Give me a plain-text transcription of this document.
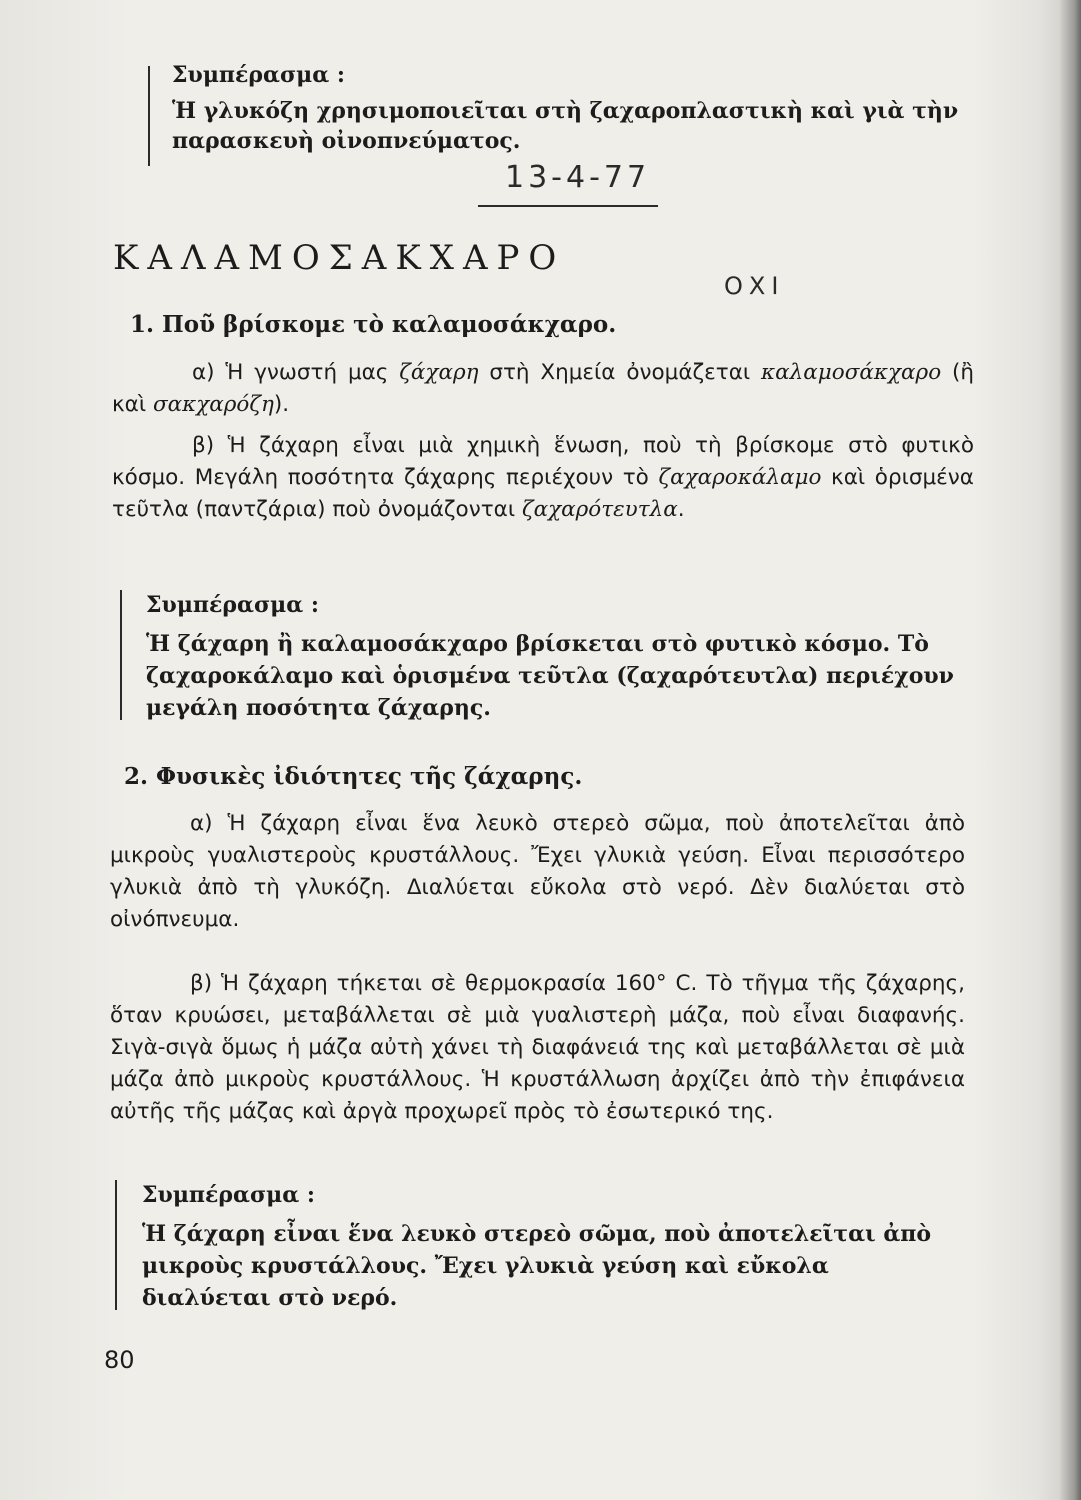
Συμπέρασμα :
Ἡ γλυκόζη χρησιμοποιεῖται στὴ ζαχαροπλαστικὴ καὶ γιὰ τὴν παρασκευὴ οἰνοπνεύματος.
13-4-77
ΚΑΛΑΜΟΣΑΚΧΑΡΟ
ΟΧΙ
1. Ποῦ βρίσκομε τὸ καλαμοσάκχαρο.
α) Ἡ γνωστή μας ζάχαρη στὴ Χημεία ὀνομάζεται καλαμοσάκχαρο (ἢ καὶ σακχαρόζη).
β) Ἡ ζάχαρη εἶναι μιὰ χημικὴ ἕνωση, ποὺ τὴ βρίσκομε στὸ φυτικὸ κόσμο. Μεγάλη ποσότητα ζάχαρης περιέχουν τὸ ζαχαροκάλαμο καὶ ὁρισμένα τεῦτλα (παντζάρια) ποὺ ὀνομάζονται ζαχαρότευτλα.
Συμπέρασμα :
Ἡ ζάχαρη ἢ καλαμοσάκχαρο βρίσκεται στὸ φυτικὸ κόσμο. Τὸ ζαχαροκάλαμο καὶ ὁρισμένα τεῦτλα (ζαχαρότευτλα) περιέχουν μεγάλη ποσότητα ζάχαρης.
2. Φυσικὲς ἰδιότητες τῆς ζάχαρης.
α) Ἡ ζάχαρη εἶναι ἕνα λευκὸ στερεὸ σῶμα, ποὺ ἀποτελεῖται ἀπὸ μικροὺς γυαλιστεροὺς κρυστάλλους. Ἔχει γλυκιὰ γεύση. Εἶναι περισσότερο γλυκιὰ ἀπὸ τὴ γλυκόζη. Διαλύεται εὔκολα στὸ νερό. Δὲν διαλύεται στὸ οἰνόπνευμα.
β) Ἡ ζάχαρη τήκεται σὲ θερμοκρασία 160° C. Τὸ τῆγμα τῆς ζάχαρης, ὅταν κρυώσει, μεταβάλλεται σὲ μιὰ γυαλιστερὴ μάζα, ποὺ εἶναι διαφανής. Σιγὰ-σιγὰ ὅμως ἡ μάζα αὐτὴ χάνει τὴ διαφάνειά της καὶ μεταβάλλεται σὲ μιὰ μάζα ἀπὸ μικροὺς κρυστάλλους. Ἡ κρυστάλλωση ἀρχίζει ἀπὸ τὴν ἐπιφάνεια αὐτῆς τῆς μάζας καὶ ἀργὰ προχωρεῖ πρὸς τὸ ἐσωτερικό της.
Συμπέρασμα :
Ἡ ζάχαρη εἶναι ἕνα λευκὸ στερεὸ σῶμα, ποὺ ἀποτελεῖται ἀπὸ μικροὺς κρυστάλλους. Ἔχει γλυκιὰ γεύση καὶ εὔκολα διαλύεται στὸ νερό.
80
